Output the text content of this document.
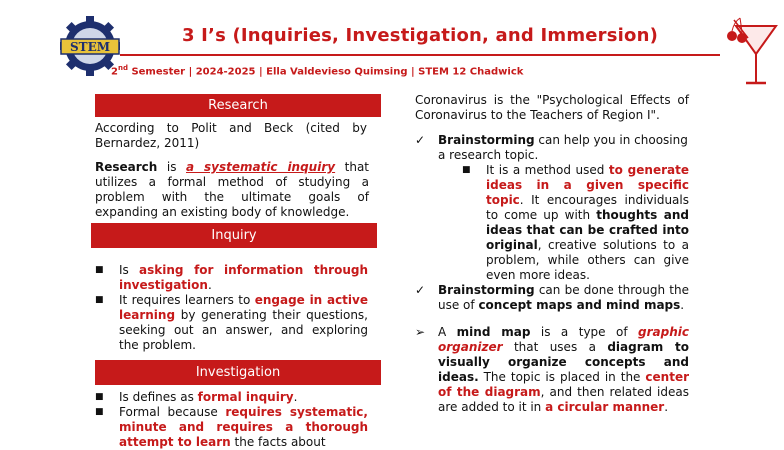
STEM
3 I’s (Inquiries, Investigation, and Immersion)
2nd Semester | 2024-2025 | Ella Valdevieso Quimsing | STEM 12 Chadwick
Research
According to Polit and Beck (cited by Bernardez, 2011)
Research is a systematic inquiry that utilizes a formal method of studying a problem with the ultimate goals of expanding an existing body of knowledge.
Inquiry
■ Is asking for information through investigation.
■ It requires learners to engage in active learning by generating their questions, seeking out an answer, and exploring the problem.
Investigation
■ Is defines as formal inquiry.
■ Formal because requires systematic, minute and requires a thorough attempt to learn the facts about
Coronavirus is the "Psychological Effects of Coronavirus to the Teachers of Region I".
✓ Brainstorming can help you in choosing a research topic.
■ It is a method used to generate ideas in a given specific topic. It encourages individuals to come up with thoughts and ideas that can be crafted into original, creative solutions to a problem, while others can give even more ideas.
✓ Brainstorming can be done through the use of concept maps and mind maps.
➢ A mind map is a type of graphic organizer that uses a diagram to visually organize concepts and ideas. The topic is placed in the center of the diagram, and then related ideas are added to it in a circular manner.
